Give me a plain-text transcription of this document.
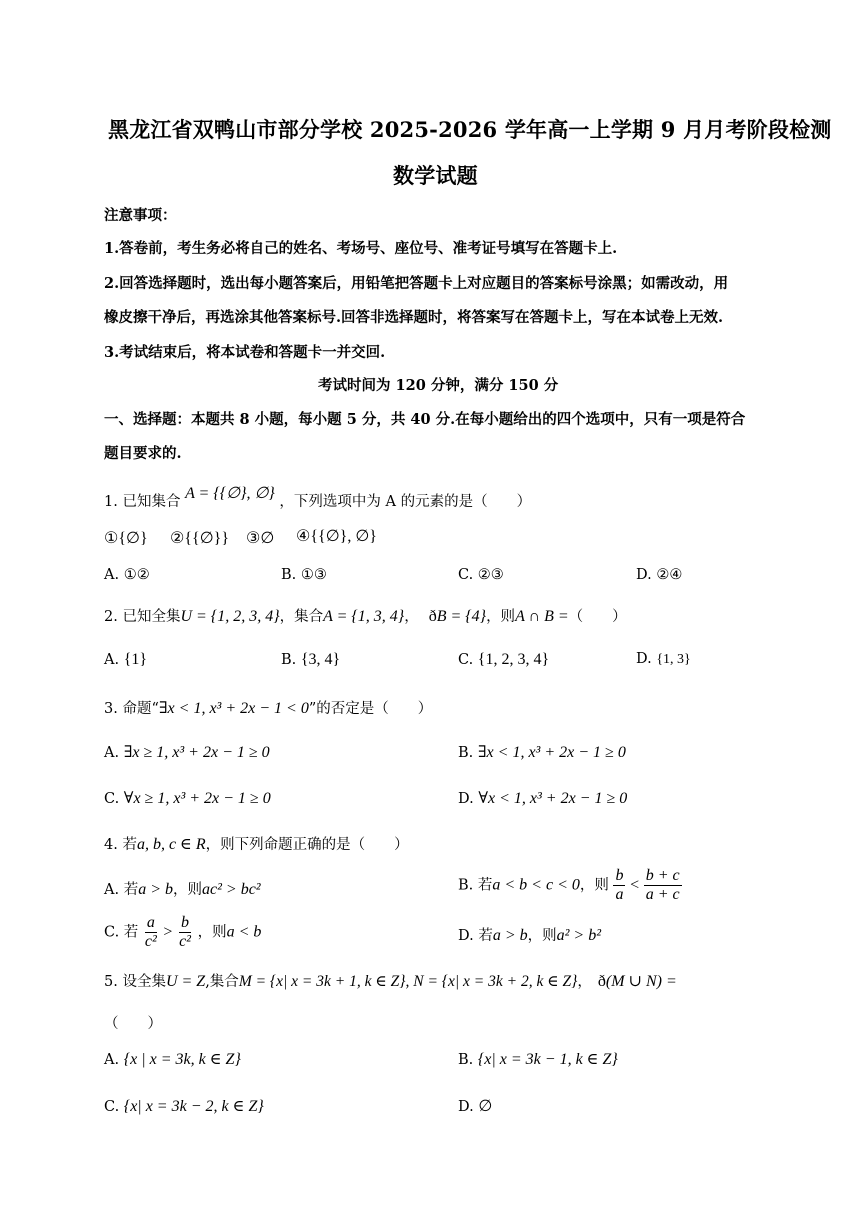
黑龙江省双鸭山市部分学校 2025-2026 学年高一上学期 9 月月考阶段检测
数学试题
注意事项：
1.答卷前，考生务必将自己的姓名、考场号、座位号、准考证号填写在答题卡上.
2.回答选择题时，选出每小题答案后，用铅笔把答题卡上对应题目的答案标号涂黑；如需改动，用
橡皮擦干净后，再选涂其他答案标号.回答非选择题时，将答案写在答题卡上，写在本试卷上无效.
3.考试结束后，将本试卷和答题卡一并交回.
考试时间为 120 分钟，满分 150 分
一、选择题：本题共 8 小题，每小题 5 分，共 40 分.在每小题给出的四个选项中，只有一项是符合
题目要求的.
1. 已知集合 A = {{∅}, ∅} ，下列选项中为 A 的元素的是（　　）
①{∅} ②{{∅}} ③∅ ④{{∅}, ∅}
A. ①②	B. ①③	C. ②③	D. ②④
2. 已知全集U = {1, 2, 3, 4}，集合A = {1, 3, 4}， ðB = {4}，则A ∩ B =（　　）
A. {1}	B. {3, 4}	C. {1, 2, 3, 4}	D. {1, 3}
3. 命题“∃x < 1, x³ + 2x − 1 < 0”的否定是（　　）
A. ∃x ≥ 1, x³ + 2x − 1 ≥ 0	B. ∃x < 1, x³ + 2x − 1 ≥ 0
C. ∀x ≥ 1, x³ + 2x − 1 ≥ 0	D. ∀x < 1, x³ + 2x − 1 ≥ 0
4. 若a, b, c ∈ R，则下列命题正确的是（　　）
A. 若a > b，则ac² > bc²	B. 若a < b < c < 0，则 $\frac{b}{a} < \frac{b + c}{a + c}$
C. 若 $\frac{a}{\text{c²}} > \frac{b}{\text{c²}}$ ，则a < b	D. 若a > b，则a² > b²
5. 设全集U = Z,集合M = {x| x = 3k + 1, k ∈ Z}, N = {x| x = 3k + 2, k ∈ Z}， ð(M ∪ N) =
（　　）
A. {x | x = 3k, k ∈ Z}	B. {x| x = 3k − 1, k ∈ Z}
C. {x| x = 3k − 2, k ∈ Z}	D. ∅
